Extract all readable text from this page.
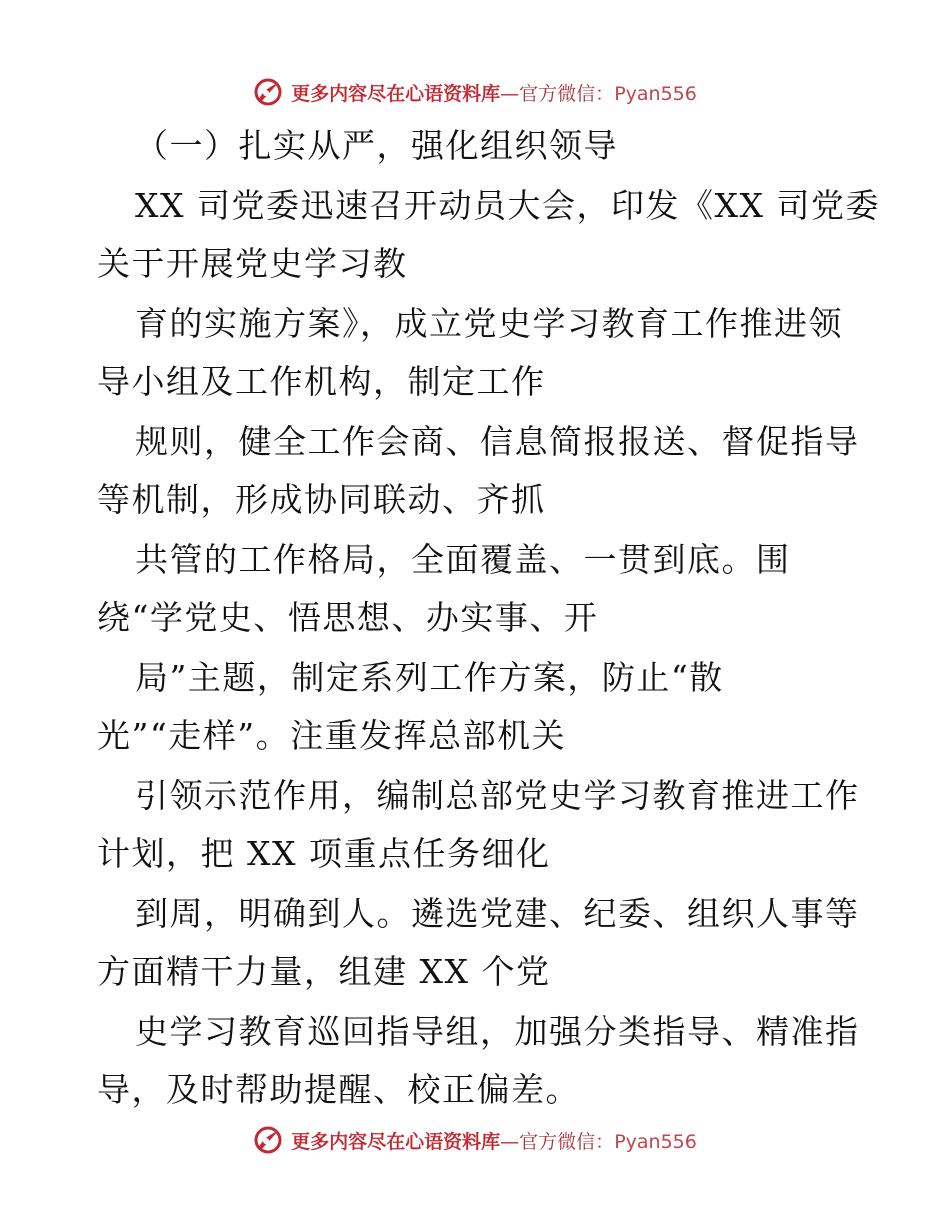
更多内容尽在心语资料库—官方微信：Pyan556
（一）扎实从严，强化组织领导
XX 司党委迅速召开动员大会，印发《XX 司党委
关于开展党史学习教
育的实施方案》，成立党史学习教育工作推进领
导小组及工作机构，制定工作
规则，健全工作会商、信息简报报送、督促指导
等机制，形成协同联动、齐抓
共管的工作格局，全面覆盖、一贯到底。围
绕“学党史、悟思想、办实事、开
局”主题，制定系列工作方案，防止“散
光”“走样”。注重发挥总部机关
引领示范作用，编制总部党史学习教育推进工作
计划，把 XX 项重点任务细化
到周，明确到人。遴选党建、纪委、组织人事等
方面精干力量，组建 XX 个党
史学习教育巡回指导组，加强分类指导、精准指
导，及时帮助提醒、校正偏差。
更多内容尽在心语资料库—官方微信：Pyan556
